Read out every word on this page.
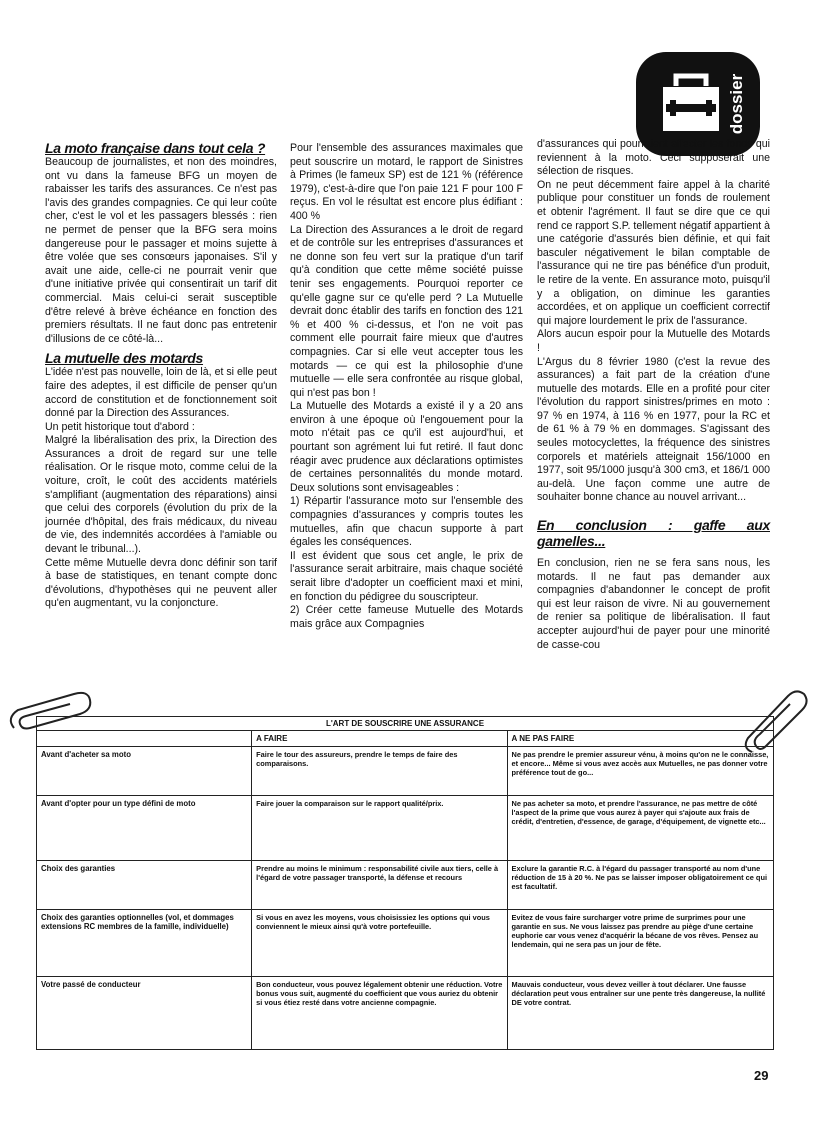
dossier

La moto française dans tout cela ?

Beaucoup de journalistes, et non des moindres, ont vu dans la fameuse BFG un moyen de rabaisser les tarifs des assurances. Ce n'est pas l'avis des grandes compagnies. Ce qui leur coûte cher, c'est le vol et les passagers blessés : rien ne permet de penser que la BFG sera moins dangereuse pour le passager et moins sujette à être volée que ses consœurs japonaises. S'il y avait une aide, celle-ci ne pourrait venir que d'une initiative privée qui consentirait un tarif dit commercial. Mais celui-ci serait susceptible d'être relevé à brève échéance en fonction des premiers résultats. Il ne faut donc pas entretenir d'illusions de ce côté-là...

La mutuelle des motards

L'idée n'est pas nouvelle, loin de là, et si elle peut faire des adeptes, il est difficile de penser qu'un accord de constitution et de fonctionnement soit donné par la Direction des Assurances.

Un petit historique tout d'abord :

Malgré la libéralisation des prix, la Direction des Assurances a droit de regard sur une telle réalisation. Or le risque moto, comme celui de la voiture, croît, le coût des accidents matériels s'amplifiant (augmentation des réparations) ainsi que celui des corporels (évolution du prix de la journée d'hôpital, des frais médicaux, du niveau de vie, des indemnités accordées à l'amiable ou devant le tribunal...).

Cette même Mutuelle devra donc définir son tarif à base de statistiques, en tenant compte donc d'évolutions, d'hypothèses qui ne peuvent aller qu'en augmentant, vu la conjoncture.

Pour l'ensemble des assurances maximales que peut souscrire un motard, le rapport de Sinistres à Primes (le fameux SP) est de 121 % (référence 1979), c'est-à-dire que l'on paie 121 F pour 100 F reçus. En vol le résultat est encore plus édifiant : 400 %

La Direction des Assurances a le droit de regard et de contrôle sur les entreprises d'assurances et ne donne son feu vert sur la pratique d'un tarif qu'à condition que cette même société puisse tenir ses engagements. Pourquoi reporter ce qu'elle gagne sur ce qu'elle perd ? La Mutuelle devrait donc établir des tarifs en fonction des 121 % et 400 % ci-dessus, et l'on ne voit pas comment elle pourrait faire mieux que d'autres compagnies. Car si elle veut accepter tous les motards — ce qui est la philosophie d'une mutuelle — elle sera confrontée au risque global, qui n'est pas bon !

La Mutuelle des Motards a existé il y a 20 ans environ à une époque où l'engouement pour la moto n'était pas ce qu'il est aujourd'hui, et pourtant son agrément lui fut retiré. Il faut donc réagir avec prudence aux déclarations optimistes de certaines personnalités du monde motard. Deux solutions sont envisageables :

1) Répartir l'assurance moto sur l'ensemble des compagnies d'assurances y compris toutes les mutuelles, afin que chacun supporte à part égales les conséquences.

Il est évident que sous cet angle, le prix de l'assurance serait arbitraire, mais chaque société serait libre d'adopter un coefficient maxi et mini, en fonction du pédigree du souscripteur.

2) Créer cette fameuse Mutuelle des Motards mais grâce aux Compagnies

d'assurances qui pourraient affecter les fonds qui reviennent à la moto. Ceci supposerait une sélection de risques.

On ne peut décemment faire appel à la charité publique pour constituer un fonds de roulement et obtenir l'agrément. Il faut se dire que ce qui rend ce rapport S.P. tellement négatif appartient à une catégorie d'assurés bien définie, et qui fait basculer négativement le bilan comptable de l'assurance qui ne tire pas bénéfice d'un produit, le retire de la vente. En assurance moto, puisqu'il y a obligation, on diminue les garanties accordées, et on applique un coefficient correctif qui majore lourdement le prix de l'assurance.

Alors aucun espoir pour la Mutuelle des Motards !

L'Argus du 8 février 1980 (c'est la revue des assurances) a fait part de la création d'une mutuelle des motards. Elle en a profité pour citer l'évolution du rapport sinistres/primes en moto : 97 % en 1974, à 116 % en 1977, pour la RC et de 61 % à 79 % en dommages. S'agissant des seules motocyclettes, la fréquence des sinistres corporels et matériels atteignait 156/1000 en 1977, soit 95/1000 jusqu'à 300 cm3, et 186/1 000 au-delà. Une façon comme une autre de souhaiter bonne chance au nouvel arrivant...

En conclusion : gaffe aux gamelles...

En conclusion, rien ne se fera sans nous, les motards. Il ne faut pas demander aux compagnies d'abandonner le concept de profit qui est leur raison de vivre. Ni au gouvernement de renier sa politique de libéralisation. Il faut accepter aujourd'hui de payer pour une minorité de casse-cou

L'ART DE SOUSCRIRE UNE ASSURANCE		
	A FAIRE	A NE PAS FAIRE
Avant d'acheter sa moto	Faire le tour des assureurs, prendre le temps de faire des comparaisons.	Ne pas prendre le premier assureur vénu, à moins qu'on ne le connaisse, et encore... Même si vous avez accès aux Mutuelles, ne pas donner votre préférence tout de go...
Avant d'opter pour un type défini de moto	Faire jouer la comparaison sur le rapport qualité/prix.	Ne pas acheter sa moto, et prendre l'assurance, ne pas mettre de côté l'aspect de la prime que vous aurez à payer qui s'ajoute aux frais de crédit, d'entretien, d'essence, de garage, d'équipement, de vignette etc...
Choix des garanties	Prendre au moins le minimum : responsabilité civile aux tiers, celle à l'égard de votre passager transporté, la défense et recours	Exclure la garantie R.C. à l'égard du passager transporté au nom d'une réduction de 15 à 20 %. Ne pas se laisser imposer obligatoirement ce qui est facultatif.
Choix des garanties optionnelles (vol, et dommages extensions RC membres de la famille, individuelle)	Si vous en avez les moyens, vous choisissiez les options qui vous conviennent le mieux ainsi qu'à votre portefeuille.	Evitez de vous faire surcharger votre prime de surprimes pour une garantie en sus. Ne vous laissez pas prendre au piège d'une certaine euphorie car vous venez d'acquérir la bécane de vos rêves. Pensez au lendemain, qui ne sera pas un jour de fête.
Votre passé de conducteur	Bon conducteur, vous pouvez légalement obtenir une réduction. Votre bonus vous suit, augmenté du coefficient que vous auriez du obtenir si vous étiez resté dans votre ancienne compagnie.	Mauvais conducteur, vous devez veiller à tout déclarer. Une fausse déclaration peut vous entraîner sur une pente très dangereuse, la nullité DE votre contrat.
29
